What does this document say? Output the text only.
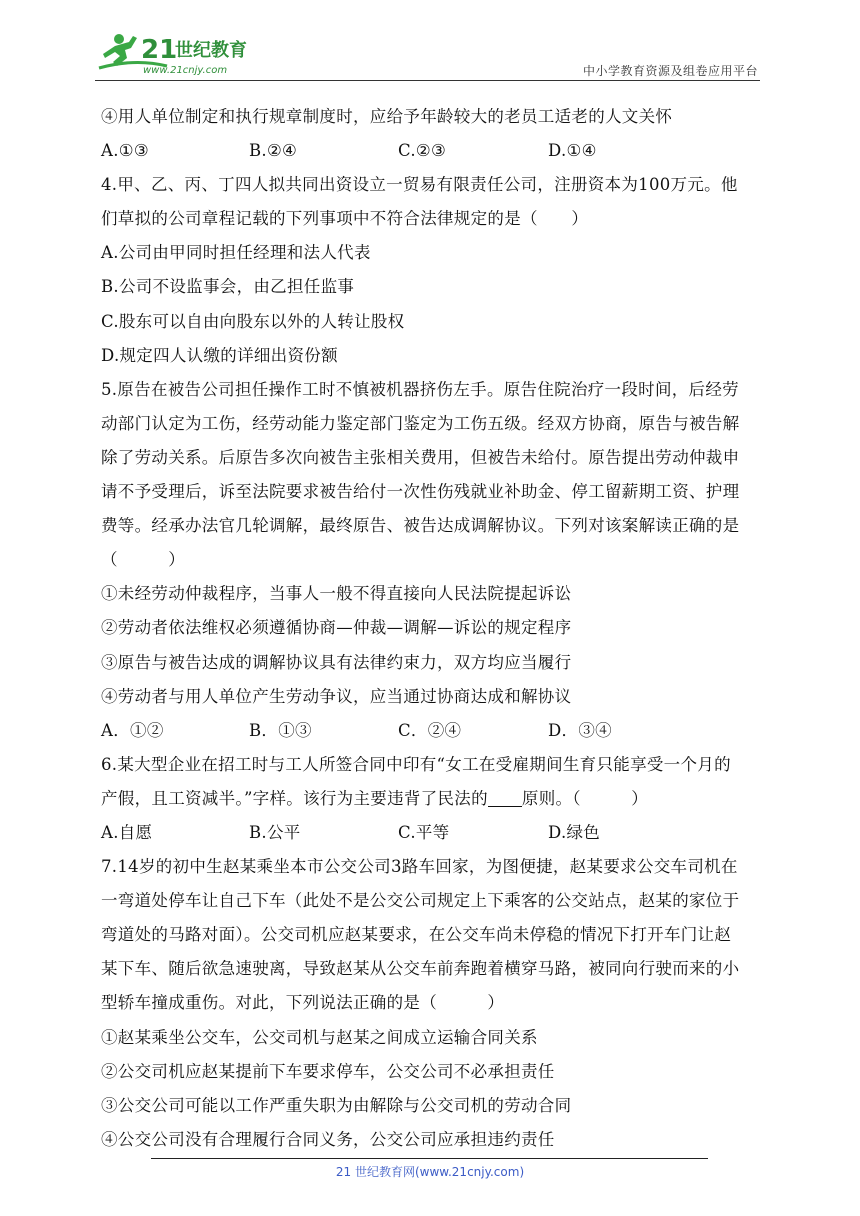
21
世纪教育
www.21cnjy.com	中小学教育资源及组卷应用平台
④用人单位制定和执行规章制度时，应给予年龄较大的老员工适老的人文关怀
A.①③	B.②④	C.②③	D.①④
4.甲、乙、丙、丁四人拟共同出资设立一贸易有限责任公司，注册资本为100万元。他
们草拟的公司章程记载的下列事项中不符合法律规定的是（　　）
A.公司由甲同时担任经理和法人代表
B.公司不设监事会，由乙担任监事
C.股东可以自由向股东以外的人转让股权
D.规定四人认缴的详细出资份额
5.原告在被告公司担任操作工时不慎被机器挤伤左手。原告住院治疗一段时间，后经劳
动部门认定为工伤，经劳动能力鉴定部门鉴定为工伤五级。经双方协商，原告与被告解
除了劳动关系。后原告多次向被告主张相关费用，但被告未给付。原告提出劳动仲裁申
请不予受理后，诉至法院要求被告给付一次性伤残就业补助金、停工留薪期工资、护理
费等。经承办法官几轮调解，最终原告、被告达成调解协议。下列对该案解读正确的是
（　　　）
①未经劳动仲裁程序，当事人一般不得直接向人民法院提起诉讼
②劳动者依法维权必须遵循协商—仲裁—调解—诉讼的规定程序
③原告与被告达成的调解协议具有法律约束力，双方均应当履行
④劳动者与用人单位产生劳动争议，应当通过协商达成和解协议
A．①②	B．①③	C．②④	D．③④
6.某大型企业在招工时与工人所签合同中印有“女工在受雇期间生育只能享受一个月的
产假，且工资减半。”字样。该行为主要违背了民法的 原则。（　　　）
A.自愿	B.公平	C.平等	D.绿色
7.14岁的初中生赵某乘坐本市公交公司3路车回家，为图便捷，赵某要求公交车司机在
一弯道处停车让自己下车（此处不是公交公司规定上下乘客的公交站点，赵某的家位于
弯道处的马路对面）。公交司机应赵某要求，在公交车尚未停稳的情况下打开车门让赵
某下车、随后欲急速驶离，导致赵某从公交车前奔跑着横穿马路，被同向行驶而来的小
型轿车撞成重伤。对此，下列说法正确的是（　　　）
①赵某乘坐公交车，公交司机与赵某之间成立运输合同关系
②公交司机应赵某提前下车要求停车，公交公司不必承担责任
③公交公司可能以工作严重失职为由解除与公交司机的劳动合同
④公交公司没有合理履行合同义务，公交公司应承担违约责任
21 世纪教育网(www.21cnjy.com)
